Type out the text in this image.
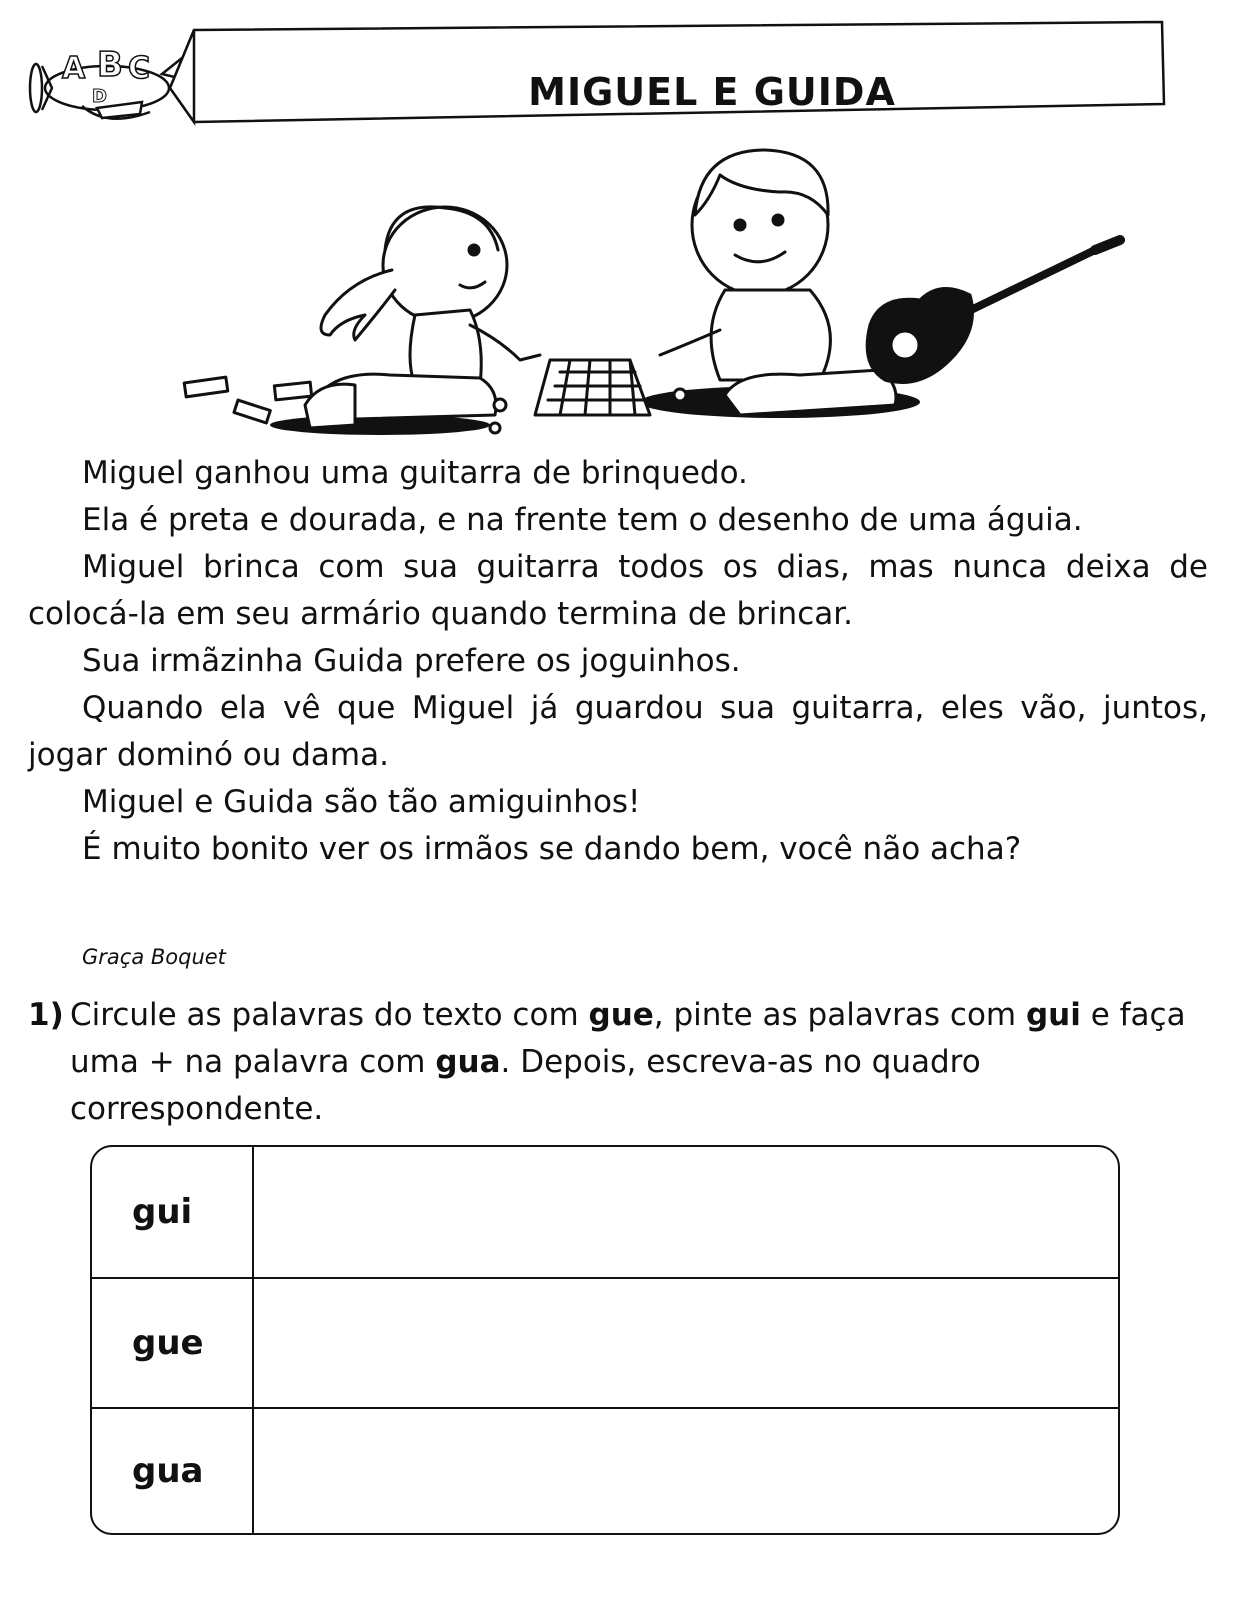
A B C
D	MIGUEL E GUIDA

Miguel ganhou uma guitarra de brinquedo.

Ela é preta e dourada, e na frente tem o desenho de uma águia.

Miguel brinca com sua guitarra todos os dias, mas nunca deixa de colocá-la em seu armário quando termina de brincar.

Sua irmãzinha Guida prefere os joguinhos.

Quando ela vê que Miguel já guardou sua guitarra, eles vão, juntos, jogar dominó ou dama.

Miguel e Guida são tão amiguinhos!

É muito bonito ver os irmãos se dando bem, você não acha?

Graça Boquet
1) Circule as palavras do texto com gue, pinte as palavras com gui e faça uma + na palavra com gua. Depois, escreva-as no quadro correspondente.

gui
gue
gua
